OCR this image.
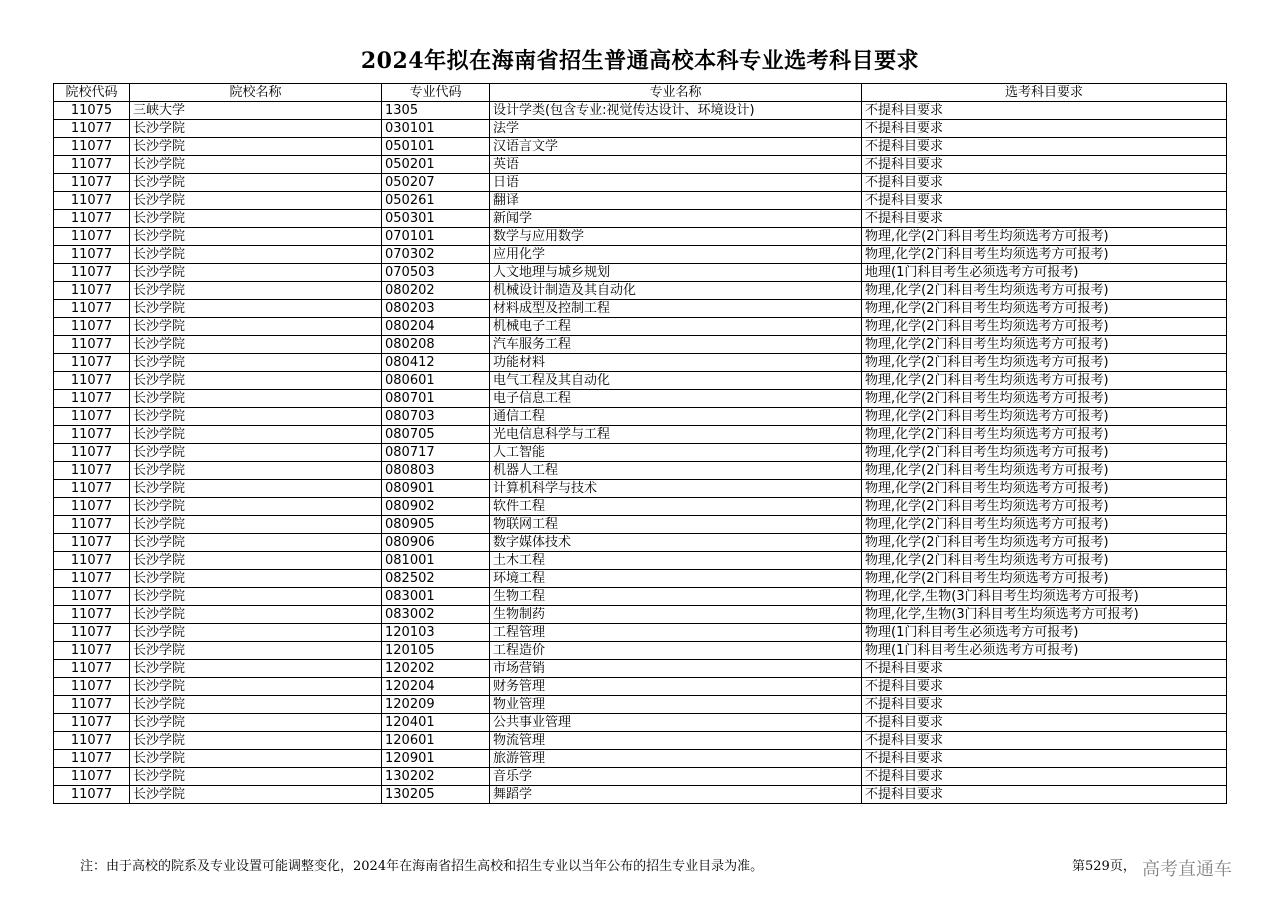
2024年拟在海南省招生普通高校本科专业选考科目要求
院校代码	院校名称	专业代码	专业名称	选考科目要求
11075	三峡大学	1305	设计学类(包含专业:视觉传达设计、环境设计)	不提科目要求
11077	长沙学院	030101	法学	不提科目要求
11077	长沙学院	050101	汉语言文学	不提科目要求
11077	长沙学院	050201	英语	不提科目要求
11077	长沙学院	050207	日语	不提科目要求
11077	长沙学院	050261	翻译	不提科目要求
11077	长沙学院	050301	新闻学	不提科目要求
11077	长沙学院	070101	数学与应用数学	物理,化学(2门科目考生均须选考方可报考)
11077	长沙学院	070302	应用化学	物理,化学(2门科目考生均须选考方可报考)
11077	长沙学院	070503	人文地理与城乡规划	地理(1门科目考生必须选考方可报考)
11077	长沙学院	080202	机械设计制造及其自动化	物理,化学(2门科目考生均须选考方可报考)
11077	长沙学院	080203	材料成型及控制工程	物理,化学(2门科目考生均须选考方可报考)
11077	长沙学院	080204	机械电子工程	物理,化学(2门科目考生均须选考方可报考)
11077	长沙学院	080208	汽车服务工程	物理,化学(2门科目考生均须选考方可报考)
11077	长沙学院	080412	功能材料	物理,化学(2门科目考生均须选考方可报考)
11077	长沙学院	080601	电气工程及其自动化	物理,化学(2门科目考生均须选考方可报考)
11077	长沙学院	080701	电子信息工程	物理,化学(2门科目考生均须选考方可报考)
11077	长沙学院	080703	通信工程	物理,化学(2门科目考生均须选考方可报考)
11077	长沙学院	080705	光电信息科学与工程	物理,化学(2门科目考生均须选考方可报考)
11077	长沙学院	080717	人工智能	物理,化学(2门科目考生均须选考方可报考)
11077	长沙学院	080803	机器人工程	物理,化学(2门科目考生均须选考方可报考)
11077	长沙学院	080901	计算机科学与技术	物理,化学(2门科目考生均须选考方可报考)
11077	长沙学院	080902	软件工程	物理,化学(2门科目考生均须选考方可报考)
11077	长沙学院	080905	物联网工程	物理,化学(2门科目考生均须选考方可报考)
11077	长沙学院	080906	数字媒体技术	物理,化学(2门科目考生均须选考方可报考)
11077	长沙学院	081001	土木工程	物理,化学(2门科目考生均须选考方可报考)
11077	长沙学院	082502	环境工程	物理,化学(2门科目考生均须选考方可报考)
11077	长沙学院	083001	生物工程	物理,化学,生物(3门科目考生均须选考方可报考)
11077	长沙学院	083002	生物制药	物理,化学,生物(3门科目考生均须选考方可报考)
11077	长沙学院	120103	工程管理	物理(1门科目考生必须选考方可报考)
11077	长沙学院	120105	工程造价	物理(1门科目考生必须选考方可报考)
11077	长沙学院	120202	市场营销	不提科目要求
11077	长沙学院	120204	财务管理	不提科目要求
11077	长沙学院	120209	物业管理	不提科目要求
11077	长沙学院	120401	公共事业管理	不提科目要求
11077	长沙学院	120601	物流管理	不提科目要求
11077	长沙学院	120901	旅游管理	不提科目要求
11077	长沙学院	130202	音乐学	不提科目要求
11077	长沙学院	130205	舞蹈学	不提科目要求
注：由于高校的院系及专业设置可能调整变化，2024年在海南省招生高校和招生专业以当年公布的招生专业目录为准。	第529页， 高考直通车
